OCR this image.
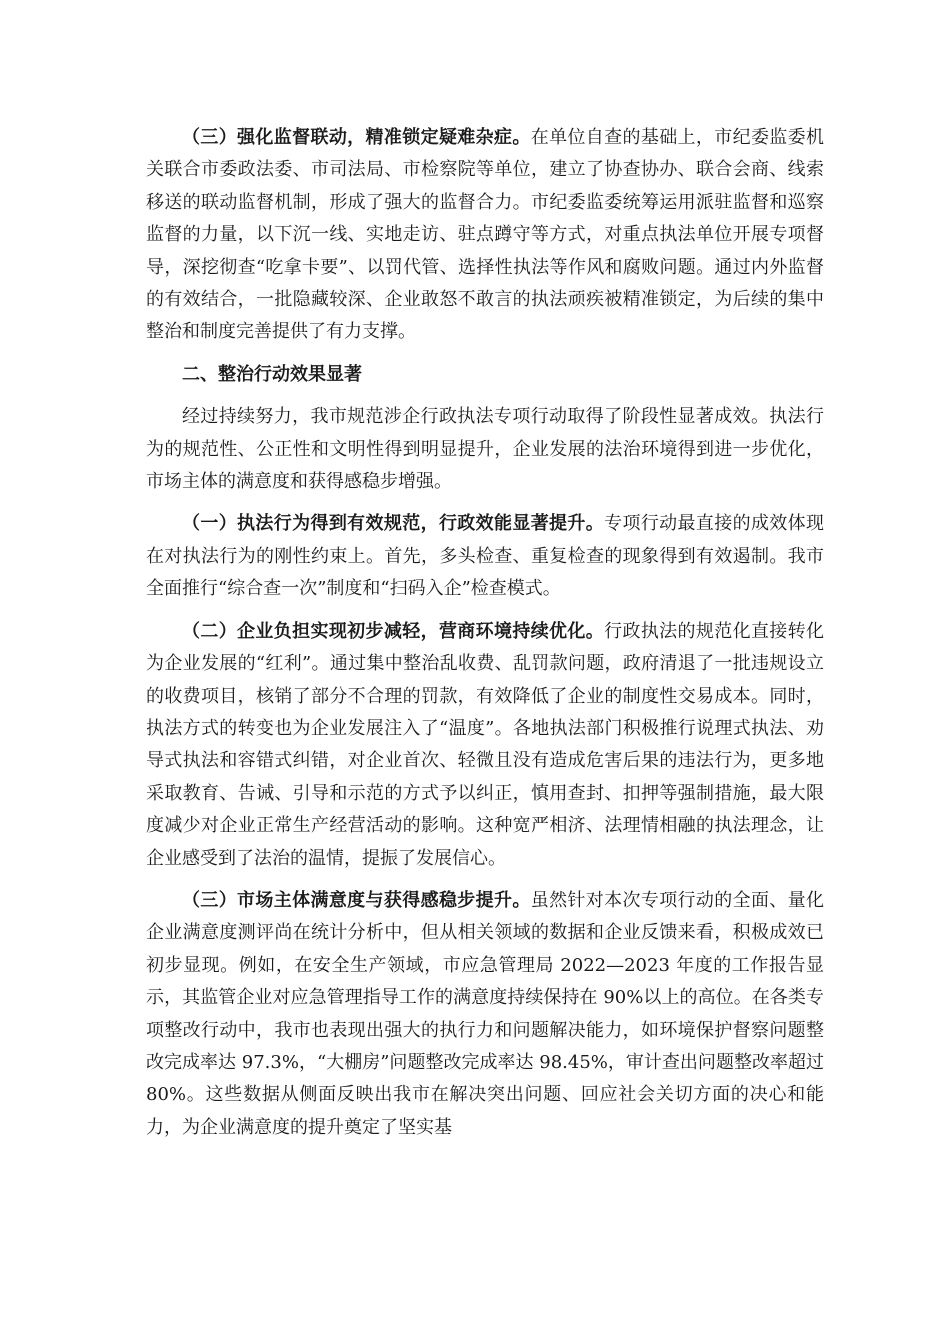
（三）强化监督联动，精准锁定疑难杂症。在单位自查的基础上，市纪委监委机关联合市委政法委、市司法局、市检察院等单位，建立了协查协办、联合会商、线索移送的联动监督机制，形成了强大的监督合力。市纪委监委统筹运用派驻监督和巡察监督的力量，以下沉一线、实地走访、驻点蹲守等方式，对重点执法单位开展专项督导，深挖彻查“吃拿卡要”、以罚代管、选择性执法等作风和腐败问题。通过内外监督的有效结合，一批隐藏较深、企业敢怒不敢言的执法顽疾被精准锁定，为后续的集中整治和制度完善提供了有力支撑。

二、整治行动效果显著

经过持续努力，我市规范涉企行政执法专项行动取得了阶段性显著成效。执法行为的规范性、公正性和文明性得到明显提升，企业发展的法治环境得到进一步优化，市场主体的满意度和获得感稳步增强。

（一）执法行为得到有效规范，行政效能显著提升。专项行动最直接的成效体现在对执法行为的刚性约束上。首先，多头检查、重复检查的现象得到有效遏制。我市全面推行“综合查一次”制度和“扫码入企”检查模式。

（二）企业负担实现初步减轻，营商环境持续优化。行政执法的规范化直接转化为企业发展的“红利”。通过集中整治乱收费、乱罚款问题，政府清退了一批违规设立的收费项目，核销了部分不合理的罚款，有效降低了企业的制度性交易成本。同时，执法方式的转变也为企业发展注入了“温度”。各地执法部门积极推行说理式执法、劝导式执法和容错式纠错，对企业首次、轻微且没有造成危害后果的违法行为，更多地采取教育、告诫、引导和示范的方式予以纠正，慎用查封、扣押等强制措施，最大限度减少对企业正常生产经营活动的影响。这种宽严相济、法理情相融的执法理念，让企业感受到了法治的温情，提振了发展信心。

（三）市场主体满意度与获得感稳步提升。虽然针对本次专项行动的全面、量化企业满意度测评尚在统计分析中，但从相关领域的数据和企业反馈来看，积极成效已初步显现。例如，在安全生产领域，市应急管理局 2022—2023 年度的工作报告显示，其监管企业对应急管理指导工作的满意度持续保持在 90%以上的高位。在各类专项整改行动中，我市也表现出强大的执行力和问题解决能力，如环境保护督察问题整改完成率达 97.3%，“大棚房”问题整改完成率达 98.45%，审计查出问题整改率超过 80%。这些数据从侧面反映出我市在解决突出问题、回应社会关切方面的决心和能力，为企业满意度的提升奠定了坚实基
